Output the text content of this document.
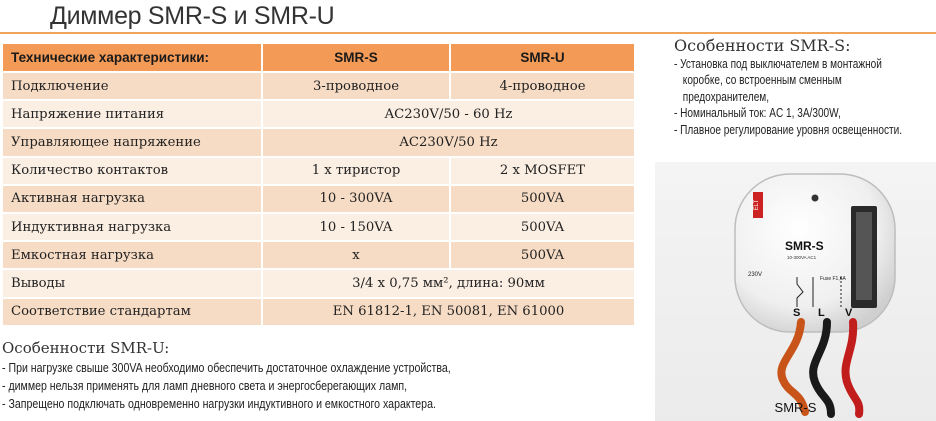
Диммер SMR-S и SMR-U
Технические характеристики:	SMR-S	SMR-U
Подключение	3-проводное	4-проводное
Напряжение питания	AC230V/50 - 60 Hz	
Управляющее напряжение	AC230V/50 Hz	
Количество контактов	1 x тиристор	2 x MOSFET
Активная нагрузка	10 - 300VA	500VA
Индуктивная нагрузка	10 - 150VA	500VA
Емкостная нагрузка	x	500VA
Выводы	3/4 x 0,75 мм², длина: 90мм	
Соответствие стандартам	EN 61812-1, EN 50081, EN 61000	
Особенности SMR-U:
- При нагрузке свыше 300VA необходимо обеспечить достаточное охлаждение устройства,
- диммер нельзя применять для ламп дневного света и энергосберегающих ламп,
- Запрещено подключать одновременно нагрузки индуктивного и емкостного характера.
Особенности SMR-S:
- Установка под выключателем в монтажной
коробке, со встроенным сменным
предохранителем,
- Номинальный ток: AC 1, 3A/300W,
- Плавное регулирование уровня освещенности.
ELT
SMR-S
10-300VA AC1
230V
Fuse F1,6A
S L V
SMR-S
